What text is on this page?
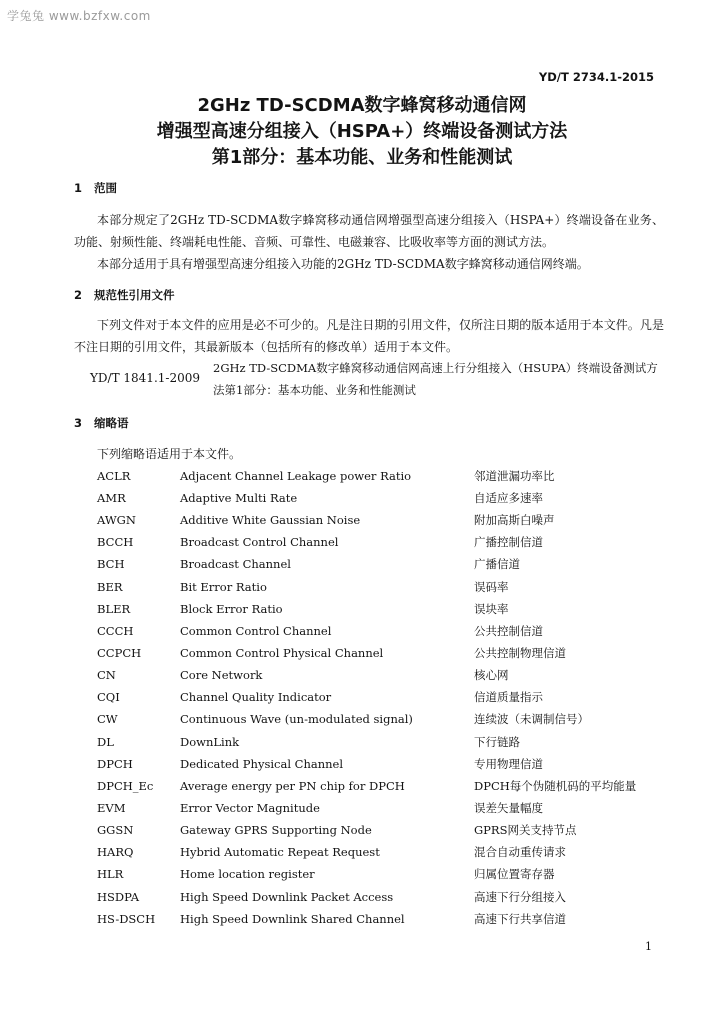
学兔兔 www.bzfxw.com
YD/T 2734.1-2015
2GHz TD-SCDMA数字蜂窝移动通信网
增强型高速分组接入（HSPA+）终端设备测试方法
第1部分：基本功能、业务和性能测试
1 范围
本部分规定了2GHz TD-SCDMA数字蜂窝移动通信网增强型高速分组接入（HSPA+）终端设备在业务、功能、射频性能、终端耗电性能、音频、可靠性、电磁兼容、比吸收率等方面的测试方法。
本部分适用于具有增强型高速分组接入功能的2GHz TD-SCDMA数字蜂窝移动通信网终端。
2 规范性引用文件
下列文件对于本文件的应用是必不可少的。凡是注日期的引用文件，仅所注日期的版本适用于本文件。凡是不注日期的引用文件，其最新版本（包括所有的修改单）适用于本文件。
YD/T 1841.1-2009
2GHz TD-SCDMA数字蜂窝移动通信网高速上行分组接入（HSUPA）终端设备测试方法第1部分：基本功能、业务和性能测试
3 缩略语
下列缩略语适用于本文件。
ACLR	Adjacent Channel Leakage power Ratio	邻道泄漏功率比
AMR	Adaptive Multi Rate	自适应多速率
AWGN	Additive White Gaussian Noise	附加高斯白噪声
BCCH	Broadcast Control Channel	广播控制信道
BCH	Broadcast Channel	广播信道
BER	Bit Error Ratio	误码率
BLER	Block Error Ratio	误块率
CCCH	Common Control Channel	公共控制信道
CCPCH	Common Control Physical Channel	公共控制物理信道
CN	Core Network	核心网
CQI	Channel Quality Indicator	信道质量指示
CW	Continuous Wave (un-modulated signal)	连续波（未调制信号）
DL	DownLink	下行链路
DPCH	Dedicated Physical Channel	专用物理信道
DPCH_Ec Average energy per PN chip for DPCH	DPCH每个伪随机码的平均能量
EVM	Error Vector Magnitude	误差矢量幅度
GGSN	Gateway GPRS Supporting Node	GPRS网关支持节点
HARQ	Hybrid Automatic Repeat Request	混合自动重传请求
HLR	Home location register	归属位置寄存器
HSDPA	High Speed Downlink Packet Access	高速下行分组接入
HS-DSCH High Speed Downlink Shared Channel	高速下行共享信道
1
